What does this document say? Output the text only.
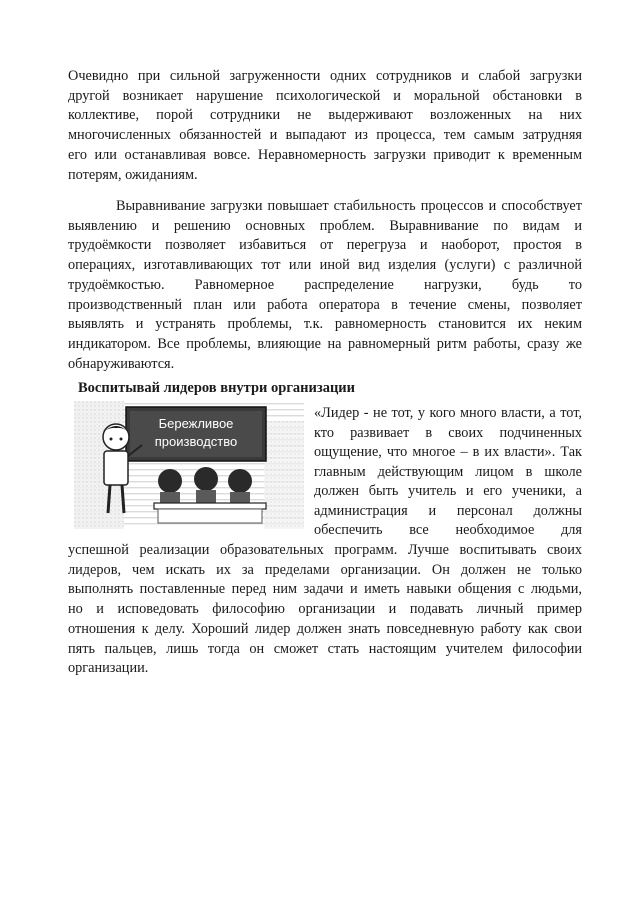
Очевидно при сильной загруженности одних сотрудников и слабой загрузки
другой возникает нарушение психологической и моральной обстановки в
коллективе, порой сотрудники не выдерживают возложенных на них
многочисленных обязанностей и выпадают из процесса, тем самым затрудняя
его или останавливая вовсе. Неравномерность загрузки приводит к временным
потерям, ожиданиям.
Выравнивание загрузки повышает стабильность процессов и способствует
выявлению и решению основных проблем. Выравнивание по видам и
трудоёмкости позволяет избавиться от перегруза и наоборот, простоя в
операциях, изготавливающих тот или иной вид изделия (услуги) с различной
трудоёмкостью. Равномерное распределение нагрузки, будь то
производственный план или работа оператора в течение смены, позволяет
выявлять и устранять проблемы, т.к. равномерность становится их неким
индикатором. Все проблемы, влияющие на равномерный ритм работы, сразу же
обнаруживаются.
Воспитывай лидеров внутри организации
Бережливое
производство
«Лидер - не тот, у кого много власти, а тот,
кто развивает в своих подчиненных
ощущение, что многое – в их власти». Так
главным действующим лицом в школе
должен быть учитель и его ученики, а
администрация и персонал должны
обеспечить все необходимое для
успешной реализации образовательных программ. Лучше воспитывать своих
лидеров, чем искать их за пределами организации. Он должен не только
выполнять поставленные перед ним задачи и иметь навыки общения с людьми,
но и исповедовать философию организации и подавать личный пример
отношения к делу. Хороший лидер должен знать повседневную работу как свои
пять пальцев, лишь тогда он сможет стать настоящим учителем философии
организации.
